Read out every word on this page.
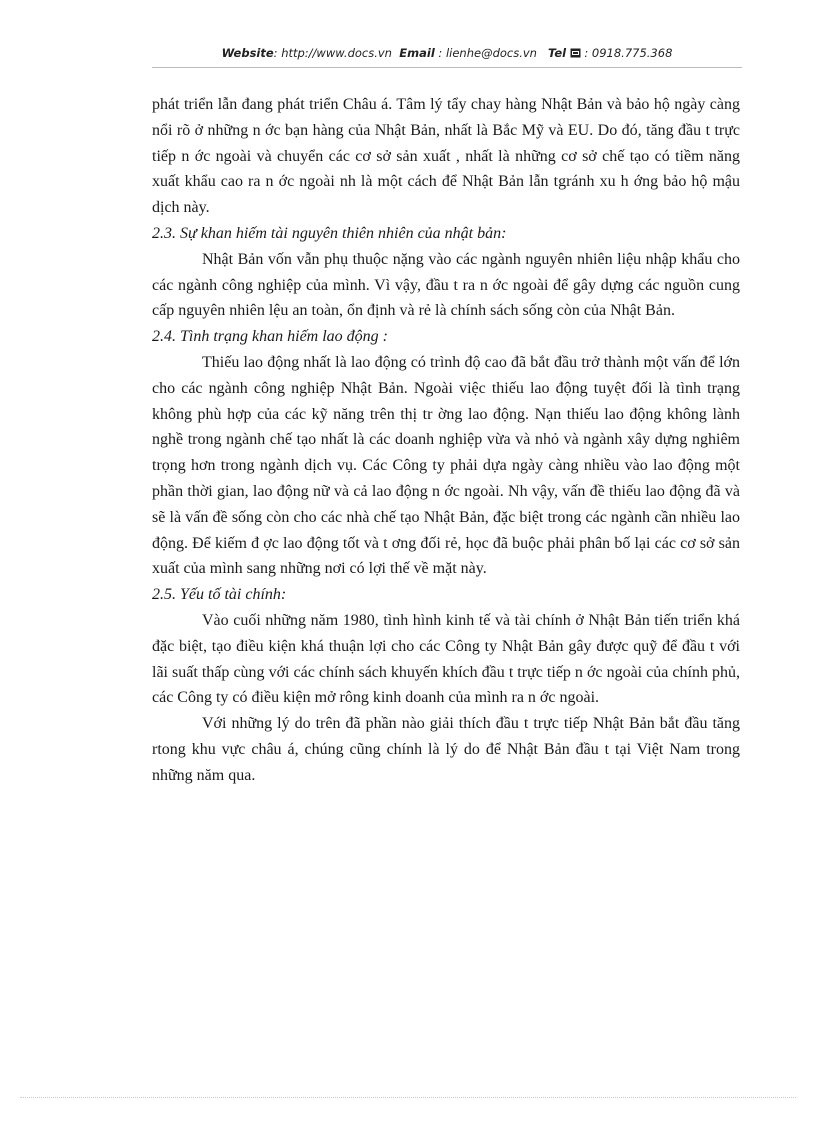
Website: http://www.docs.vn Email : lienhe@docs.vn Tel : 0918.775.368

phát triển lẫn đang phát triển Châu á. Tâm lý tẩy chay hàng Nhật Bản và bảo hộ ngày càng nổi rõ ở những n ớc bạn hàng của Nhật Bản, nhất là Bắc Mỹ và EU. Do đó, tăng đầu t trực tiếp n ớc ngoài và chuyển các cơ sở sản xuất , nhất là những cơ sở chế tạo có tiềm năng xuất khẩu cao ra n ớc ngoài nh là một cách để Nhật Bản lẫn tgránh xu h ớng bảo hộ mậu dịch này.

2.3. Sự khan hiếm tài nguyên thiên nhiên của nhật bản:

Nhật Bản vốn vẫn phụ thuộc nặng vào các ngành nguyên nhiên liệu nhập khẩu cho các ngành công nghiệp của mình. Vì vậy, đầu t ra n ớc ngoài để gây dựng các nguồn cung cấp nguyên nhiên lệu an toàn, ổn định và rẻ là chính sách sống còn của Nhật Bản.

2.4. Tình trạng khan hiếm lao động :

Thiếu lao động nhất là lao động có trình độ cao đã bắt đầu trở thành một vấn để lớn cho các ngành công nghiệp Nhật Bản. Ngoài việc thiếu lao động tuyệt đối là tình trạng không phù hợp của các kỹ năng trên thị tr ờng lao động. Nạn thiếu lao động không lành nghề trong ngành chế tạo nhất là các doanh nghiệp vừa và nhỏ và ngành xây dựng nghiêm trọng hơn trong ngành dịch vụ. Các Công ty phải dựa ngày càng nhiều vào lao động một phần thời gian, lao động nữ và cả lao động n ớc ngoài. Nh vậy, vấn đề thiếu lao động đã và sẽ là vấn đề sống còn cho các nhà chế tạo Nhật Bản, đặc biệt trong các ngành cần nhiều lao động. Để kiếm đ ợc lao động tốt và t ơng đối rẻ, học đã buộc phải phân bố lại các cơ sở sản xuất của mình sang những nơi có lợi thế về mặt này.

2.5. Yếu tố tài chính:

Vào cuối những năm 1980, tình hình kinh tế và tài chính ở Nhật Bản tiến triển khá đặc biệt, tạo điều kiện khá thuận lợi cho các Công ty Nhật Bản gây được quỹ để đầu t với lãi suất thấp cùng với các chính sách khuyến khích đầu t trực tiếp n ớc ngoài của chính phủ, các Công ty có điều kiện mở rông kinh doanh của mình ra n ớc ngoài.

Với những lý do trên đã phần nào giải thích đầu t trực tiếp Nhật Bản bắt đầu tăng rtong khu vực châu á, chúng cũng chính là lý do để Nhật Bản đầu t tại Việt Nam trong những năm qua.
